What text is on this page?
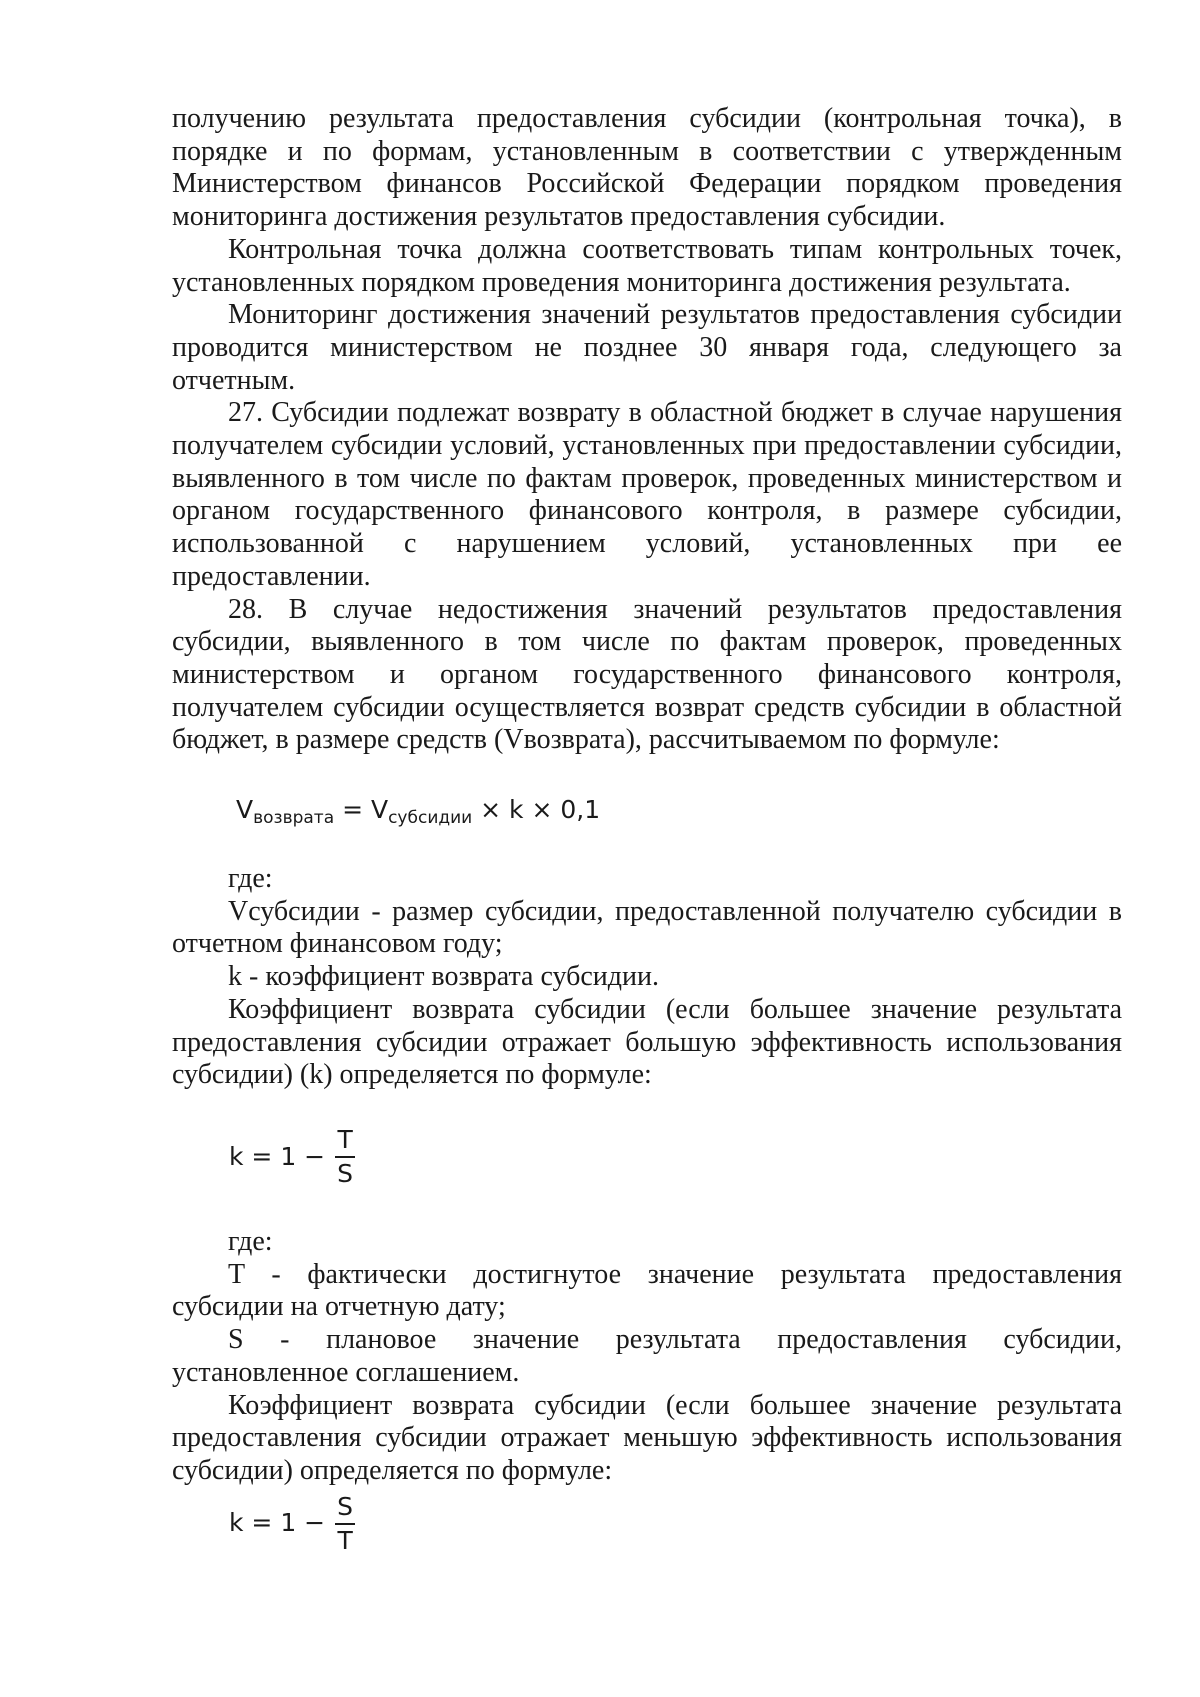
получению результата предоставления субсидии (контрольная точка), в порядке и по формам, установленным в соответствии с утвержденным Министерством финансов Российской Федерации порядком проведения мониторинга достижения результатов предоставления субсидии.

Контрольная точка должна соответствовать типам контрольных точек, установленных порядком проведения мониторинга достижения результата.

Мониторинг достижения значений результатов предоставления субсидии проводится министерством не позднее 30 января года, следующего за отчетным.

27. Субсидии подлежат возврату в областной бюджет в случае нарушения получателем субсидии условий, установленных при предоставлении субсидии, выявленного в том числе по фактам проверок, проведенных министерством и органом государственного финансового контроля, в размере субсидии, использованной с нарушением условий, установленных при ее предоставлении.

28. В случае недостижения значений результатов предоставления субсидии, выявленного в том числе по фактам проверок, проведенных министерством и органом государственного финансового контроля, получателем субсидии осуществляется возврат средств субсидии в областной бюджет, в размере средств (Vвозврата), рассчитываемом по формуле:

$V_{возврата} = V_{субсидии} \times k \times 0,1$

где:

Vсубсидии - размер субсидии, предоставленной получателю субсидии в отчетном финансовом году;

k - коэффициент возврата субсидии.

Коэффициент возврата субсидии (если большее значение результата предоставления субсидии отражает большую эффективность использования субсидии) (k) определяется по формуле:

$k = 1 - \frac{T}{S}$

где:

T - фактически достигнутое значение результата предоставления субсидии на отчетную дату;

S - плановое значение результата предоставления субсидии, установленное соглашением.

Коэффициент возврата субсидии (если большее значение результата предоставления субсидии отражает меньшую эффективность использования субсидии) определяется по формуле:

$k = 1 - \frac{S}{T}$
